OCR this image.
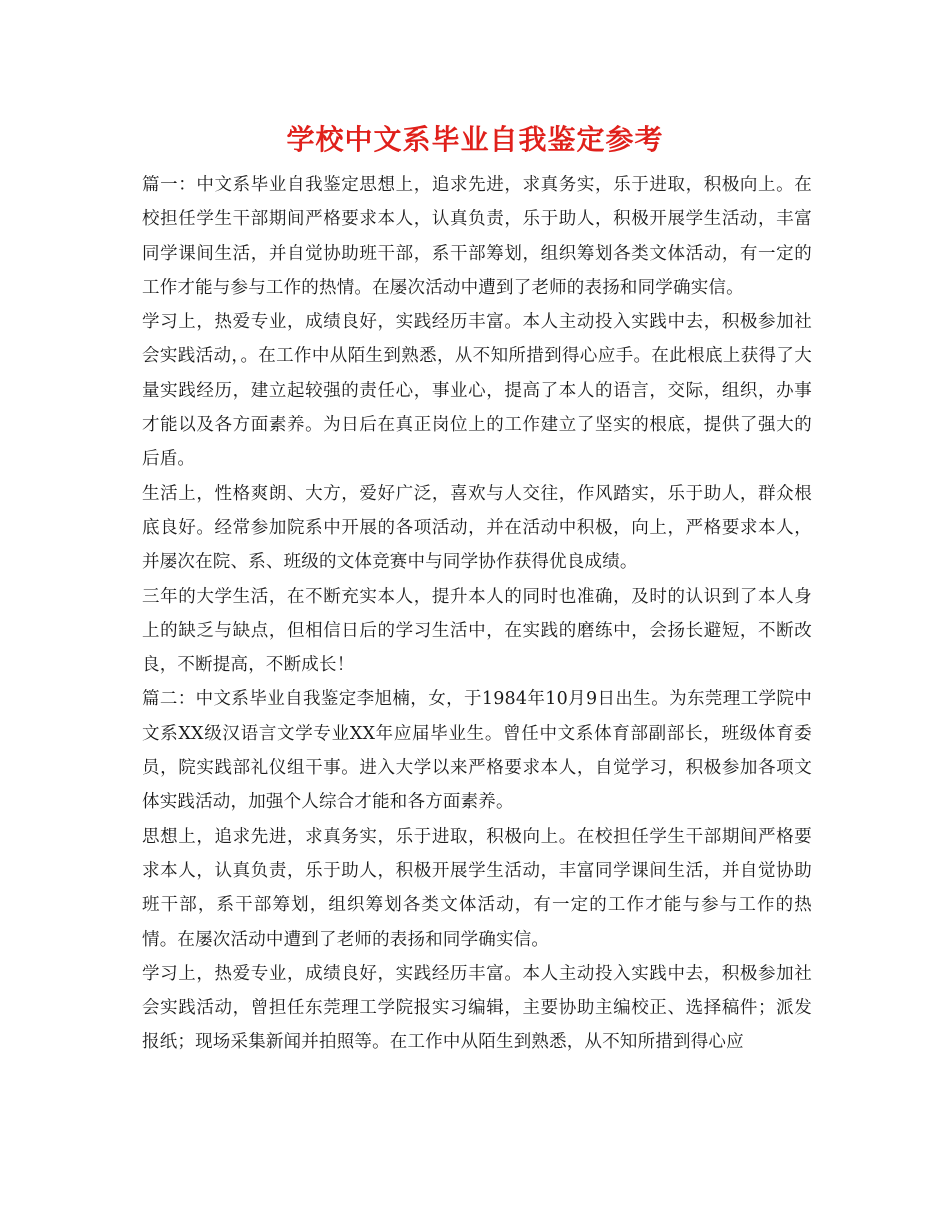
学校中文系毕业自我鉴定参考

篇一：中文系毕业自我鉴定思想上，追求先进，求真务实，乐于进取，积极向上。在校担任学生干部期间严格要求本人，认真负责，乐于助人，积极开展学生活动，丰富同学课间生活，并自觉协助班干部，系干部筹划，组织筹划各类文体活动，有一定的工作才能与参与工作的热情。在屡次活动中遭到了老师的表扬和同学确实信。

学习上，热爱专业，成绩良好，实践经历丰富。本人主动投入实践中去，积极参加社会实践活动，。在工作中从陌生到熟悉，从不知所措到得心应手。在此根底上获得了大量实践经历，建立起较强的责任心，事业心，提高了本人的语言，交际，组织，办事才能以及各方面素养。为日后在真正岗位上的工作建立了坚实的根底，提供了强大的后盾。

生活上，性格爽朗、大方，爱好广泛，喜欢与人交往，作风踏实，乐于助人，群众根底良好。经常参加院系中开展的各项活动，并在活动中积极，向上，严格要求本人，并屡次在院、系、班级的文体竞赛中与同学协作获得优良成绩。

三年的大学生活，在不断充实本人，提升本人的同时也准确，及时的认识到了本人身上的缺乏与缺点，但相信日后的学习生活中，在实践的磨练中，会扬长避短，不断改良，不断提高，不断成长！

篇二：中文系毕业自我鉴定李旭楠，女，于1984年10月9日出生。为东莞理工学院中文系XX级汉语言文学专业XX年应届毕业生。曾任中文系体育部副部长，班级体育委员，院实践部礼仪组干事。进入大学以来严格要求本人，自觉学习，积极参加各项文体实践活动，加强个人综合才能和各方面素养。

思想上，追求先进，求真务实，乐于进取，积极向上。在校担任学生干部期间严格要求本人，认真负责，乐于助人，积极开展学生活动，丰富同学课间生活，并自觉协助班干部，系干部筹划，组织筹划各类文体活动，有一定的工作才能与参与工作的热情。在屡次活动中遭到了老师的表扬和同学确实信。

学习上，热爱专业，成绩良好，实践经历丰富。本人主动投入实践中去，积极参加社会实践活动，曾担任东莞理工学院报实习编辑，主要协助主编校正、选择稿件；派发报纸；现场采集新闻并拍照等。在工作中从陌生到熟悉，从不知所措到得心应
